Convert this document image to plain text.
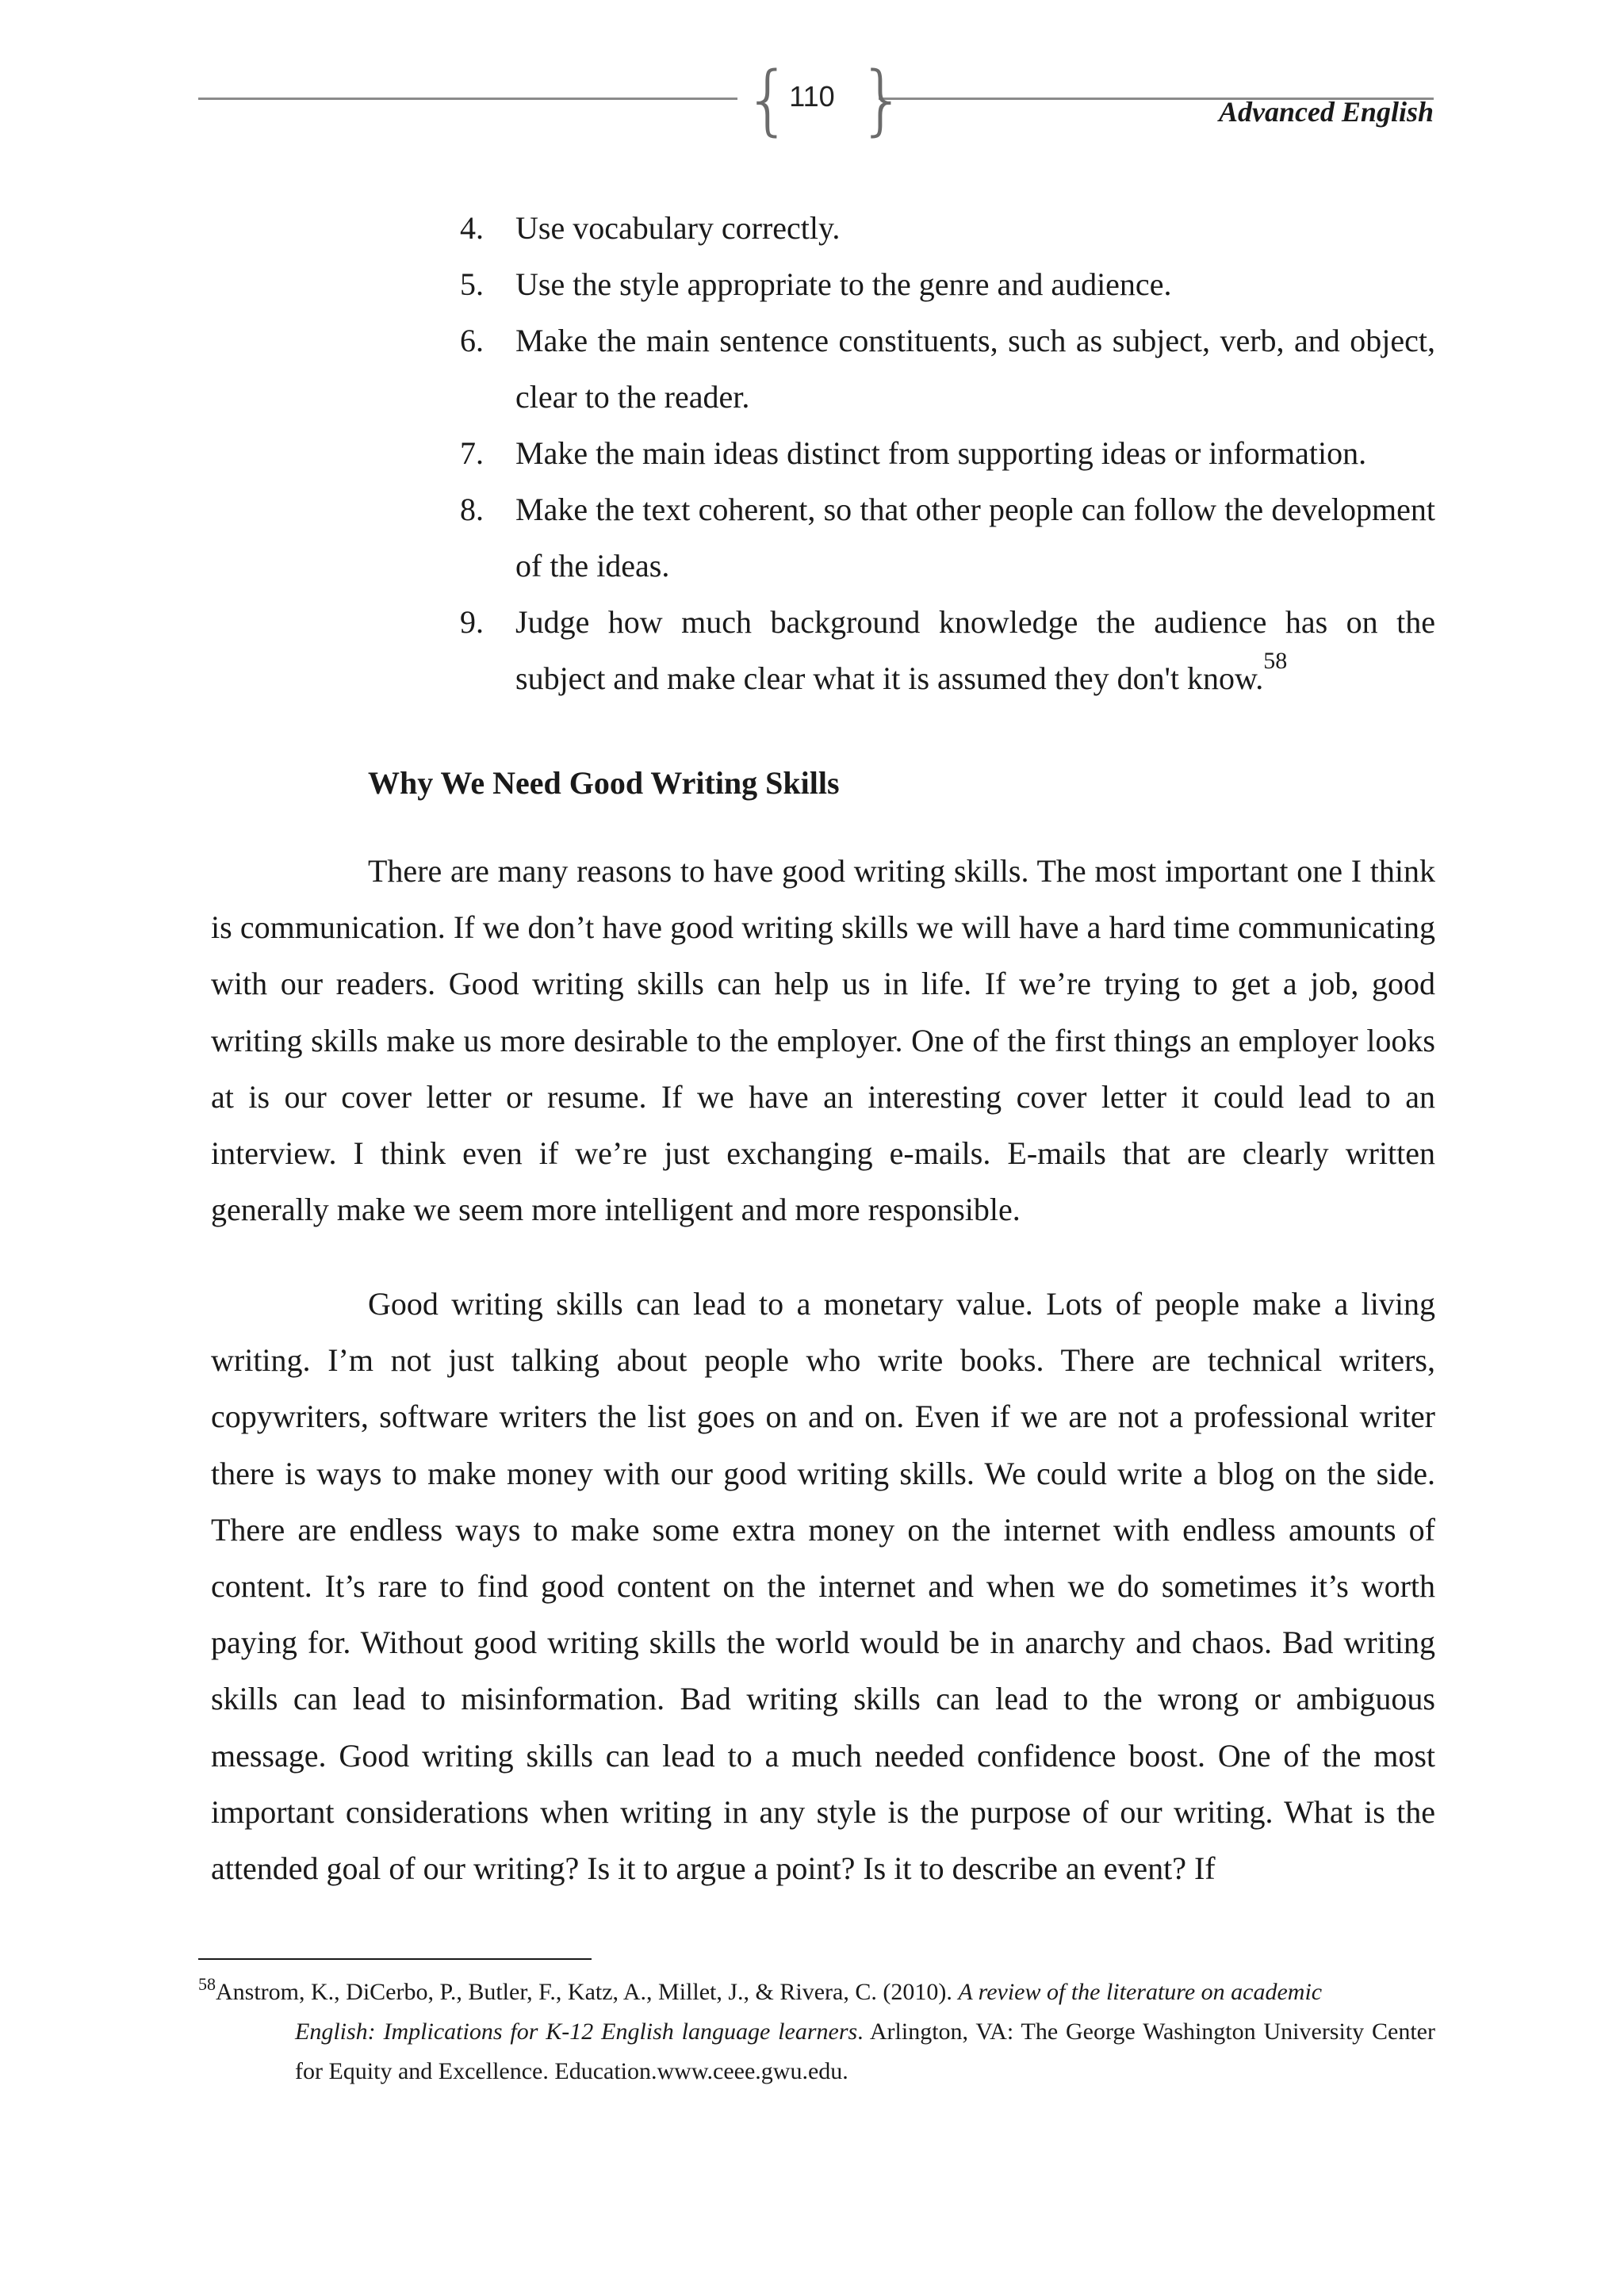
{ }
110	Advanced English
4.	Use vocabulary correctly.
5.	Use the style appropriate to the genre and audience.
6.	Make the main sentence constituents, such as subject, verb, and object, clear to the reader.
7.	Make the main ideas distinct from supporting ideas or information.
8.	Make the text coherent, so that other people can follow the development of the ideas.
9.	Judge how much background knowledge the audience has on the subject and make clear what it is assumed they don't know.$^{58}$
Why We Need Good Writing Skills

There are many reasons to have good writing skills. The most important one I think is communication. If we don’t have good writing skills we will have a hard time communicating with our readers. Good writing skills can help us in life. If we’re trying to get a job, good writing skills make us more desirable to the employer. One of the first things an employer looks at is our cover letter or resume. If we have an interesting cover letter it could lead to an interview. I think even if we’re just exchanging e-mails. E-mails that are clearly written generally make we seem more intelligent and more responsible.

Good writing skills can lead to a monetary value. Lots of people make a living writing. I’m not just talking about people who write books. There are technical writers, copywriters, software writers the list goes on and on. Even if we are not a professional writer there is ways to make money with our good writing skills. We could write a blog on the side. There are endless ways to make some extra money on the internet with endless amounts of content. It’s rare to find good content on the internet and when we do sometimes it’s worth paying for. Without good writing skills the world would be in anarchy and chaos. Bad writing skills can lead to misinformation. Bad writing skills can lead to the wrong or ambiguous message. Good writing skills can lead to a much needed confidence boost. One of the most important considerations when writing in any style is the purpose of our writing. What is the attended goal of our writing? Is it to argue a point? Is it to describe an event? If

$^{58}$Anstrom, K., DiCerbo, P., Butler, F., Katz, A., Millet, J., & Rivera, C. (2010). A review of the literature on academic
English: Implications for K-12 English language learners. Arlington, VA: The George Washington University Center for Equity and Excellence. Education.www.ceee.gwu.edu.
